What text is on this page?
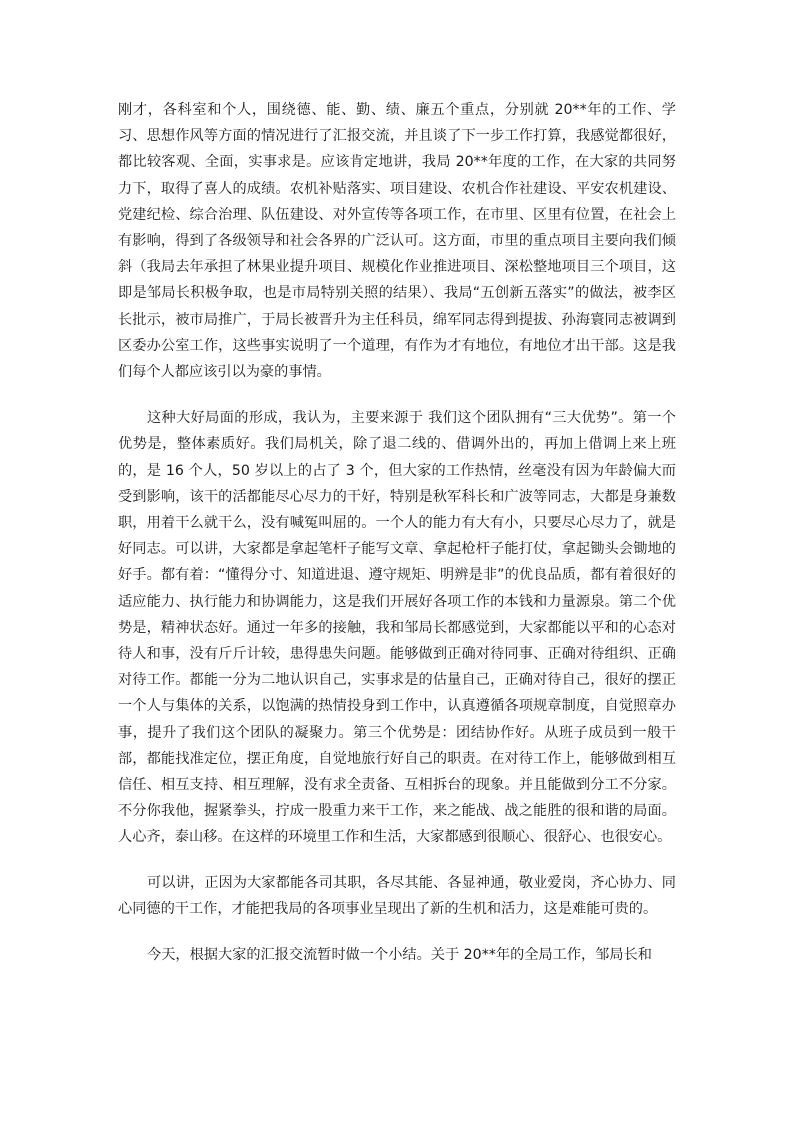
刚才，各科室和个人，围绕德、能、勤、绩、廉五个重点，分别就 20**年的工作、学习、思想作风等方面的情况进行了汇报交流，并且谈了下一步工作打算，我感觉都很好，都比较客观、全面，实事求是。应该肯定地讲，我局 20**年度的工作，在大家的共同努力下，取得了喜人的成绩。农机补贴落实、项目建设、农机合作社建设、平安农机建设、党建纪检、综合治理、队伍建设、对外宣传等各项工作，在市里、区里有位置，在社会上有影响，得到了各级领导和社会各界的广泛认可。这方面，市里的重点项目主要向我们倾斜（我局去年承担了林果业提升项目、规模化作业推进项目、深松整地项目三个项目，这即是邹局长积极争取，也是市局特别关照的结果）、我局“五创新五落实”的做法，被李区长批示，被市局推广，于局长被晋升为主任科员，绵军同志得到提拔、孙海寰同志被调到区委办公室工作，这些事实说明了一个道理，有作为才有地位，有地位才出干部。这是我们每个人都应该引以为豪的事情。

这种大好局面的形成，我认为，主要来源于 我们这个团队拥有“三大优势”。第一个优势是，整体素质好。我们局机关，除了退二线的、借调外出的，再加上借调上来上班的，是 16 个人，50 岁以上的占了 3 个，但大家的工作热情，丝毫没有因为年龄偏大而受到影响，该干的活都能尽心尽力的干好，特别是秋军科长和广波等同志，大都是身兼数职，用着干么就干么，没有喊冤叫屈的。一个人的能力有大有小，只要尽心尽力了，就是好同志。可以讲，大家都是拿起笔杆子能写文章、拿起枪杆子能打仗，拿起锄头会锄地的好手。都有着：“懂得分寸、知道进退、遵守规矩、明辨是非”的优良品质，都有着很好的适应能力、执行能力和协调能力，这是我们开展好各项工作的本钱和力量源泉。第二个优势是，精神状态好。通过一年多的接触，我和邹局长都感觉到，大家都能以平和的心态对待人和事，没有斤斤计较，患得患失问题。能够做到正确对待同事、正确对待组织、正确对待工作。都能一分为二地认识自己，实事求是的估量自己，正确对待自己，很好的摆正一个人与集体的关系，以饱满的热情投身到工作中，认真遵循各项规章制度，自觉照章办事，提升了我们这个团队的凝聚力。第三个优势是：团结协作好。从班子成员到一般干部，都能找准定位，摆正角度，自觉地旅行好自己的职责。在对待工作上，能够做到相互信任、相互支持、相互理解，没有求全责备、互相拆台的现象。并且能做到分工不分家。不分你我他，握紧拳头，拧成一股重力来干工作，来之能战、战之能胜的很和谐的局面。人心齐，泰山移。在这样的环境里工作和生活，大家都感到很顺心、很舒心、也很安心。

可以讲，正因为大家都能各司其职，各尽其能、各显神通，敬业爱岗，齐心协力、同心同德的干工作，才能把我局的各项事业呈现出了新的生机和活力，这是难能可贵的。

今天，根据大家的汇报交流暂时做一个小结。关于 20**年的全局工作，邹局长和
